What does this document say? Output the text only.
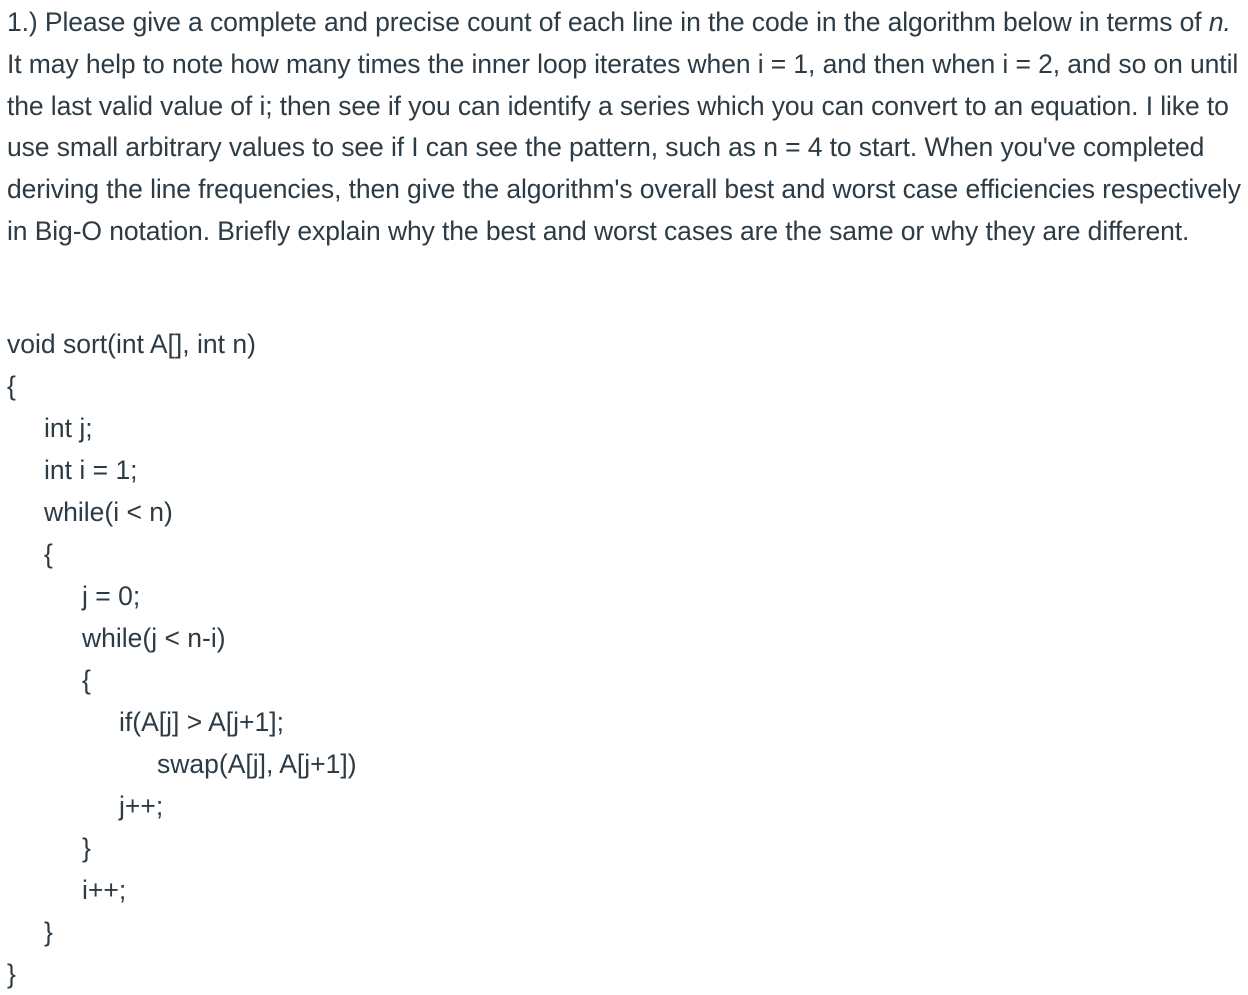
1.) Please give a complete and precise count of each line in the code in the algorithm below in terms of n. It may help to note how many times the inner loop iterates when i = 1, and then when i = 2, and so on until the last valid value of i; then see if you can identify a series which you can convert to an equation. I like to use small arbitrary values to see if I can see the pattern, such as n = 4 to start. When you've completed deriving the line frequencies, then give the algorithm's overall best and worst case efficiencies respectively in Big-O notation. Briefly explain why the best and worst cases are the same or why they are different.

void sort(int A[], int n)
{
int j;
int i = 1;
while(i < n)
{
j = 0;
while(j < n-i)
{
if(A[j] > A[j+1];
swap(A[j], A[j+1])
j++;
}
i++;
}
}
